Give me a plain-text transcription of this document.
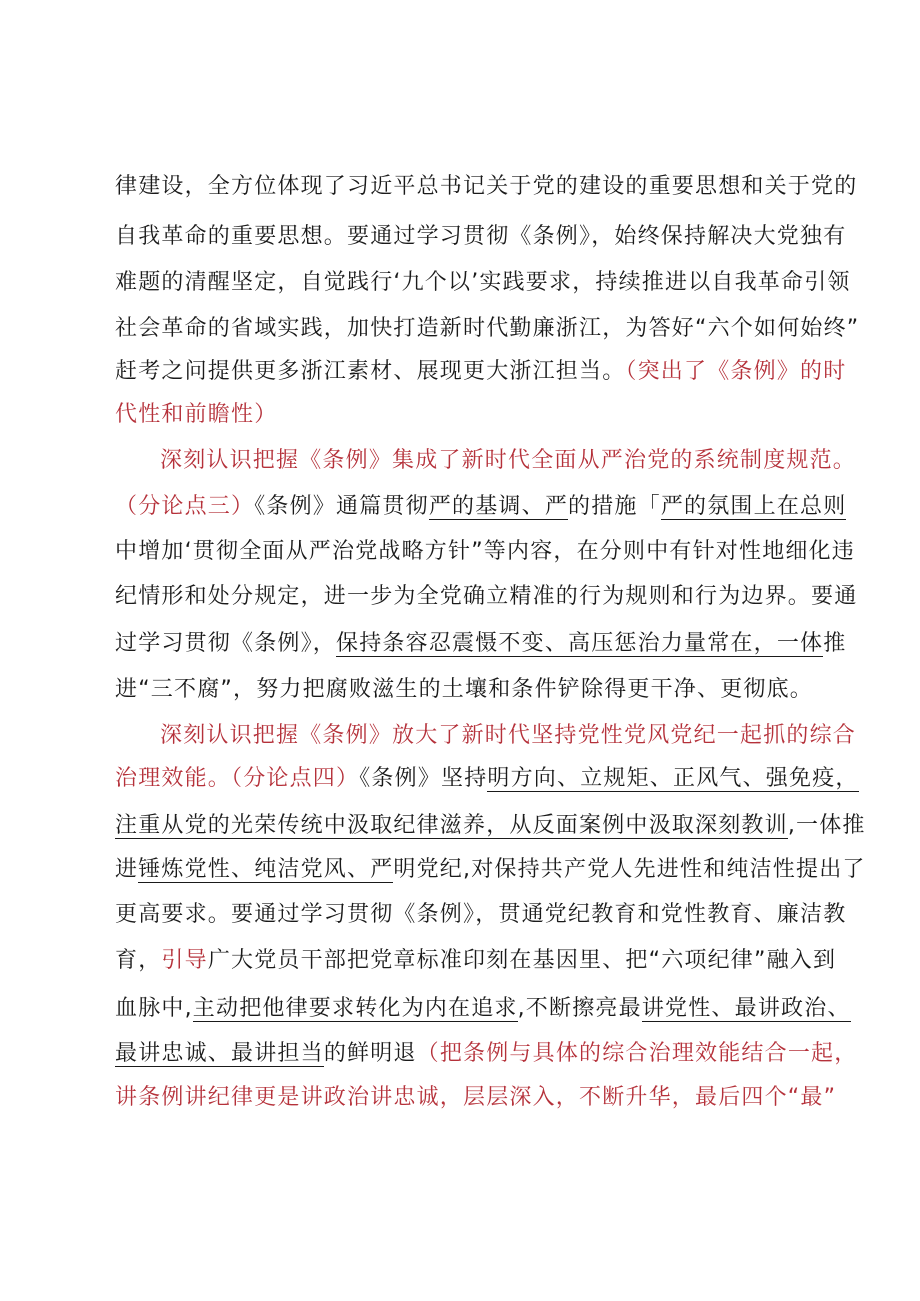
律建设，全方位体现了习近平总书记关于党的建设的重要思想和关于党的
自我革命的重要思想。要通过学习贯彻《条例》，始终保持解决大党独有
难题的清醒坚定，自觉践行‘九个以’实践要求，持续推进以自我革命引领
社会革命的省域实践，加快打造新时代勤廉浙江，为答好“六个如何始终”
赶考之问提供更多浙江素材、展现更大浙江担当。（突出了《条例》的时
代性和前瞻性）
深刻认识把握《条例》集成了新时代全面从严治党的系统制度规范。
（分论点三）《条例》通篇贯彻严的基调、严的措施「严的氛围上在总则
中增加‘贯彻全面从严治党战略方针”等内容，在分则中有针对性地细化违
纪情形和处分规定，进一步为全党确立精准的行为规则和行为边界。要通
过学习贯彻《条例》，保持条容忍震慑不变、高压惩治力量常在，一体推
进“三不腐”，努力把腐败滋生的土壤和条件铲除得更干净、更彻底。
深刻认识把握《条例》放大了新时代坚持党性党风党纪一起抓的综合
治理效能。（分论点四）《条例》坚持明方向、立规矩、正风气、强免疫，
注重从党的光荣传统中汲取纪律滋养，从反面案例中汲取深刻教训,一体推
进锤炼党性、纯洁党风、严明党纪,对保持共产党人先进性和纯洁性提出了
更高要求。要通过学习贯彻《条例》，贯通党纪教育和党性教育、廉洁教
育，引导广大党员干部把党章标准印刻在基因里、把“六项纪律”融入到
血脉中,主动把他律要求转化为内在追求,不断擦亮最讲党性、最讲政治、
最讲忠诚、最讲担当的鲜明退（把条例与具体的综合治理效能结合一起，
讲条例讲纪律更是讲政治讲忠诚，层层深入，不断升华，最后四个“最”
